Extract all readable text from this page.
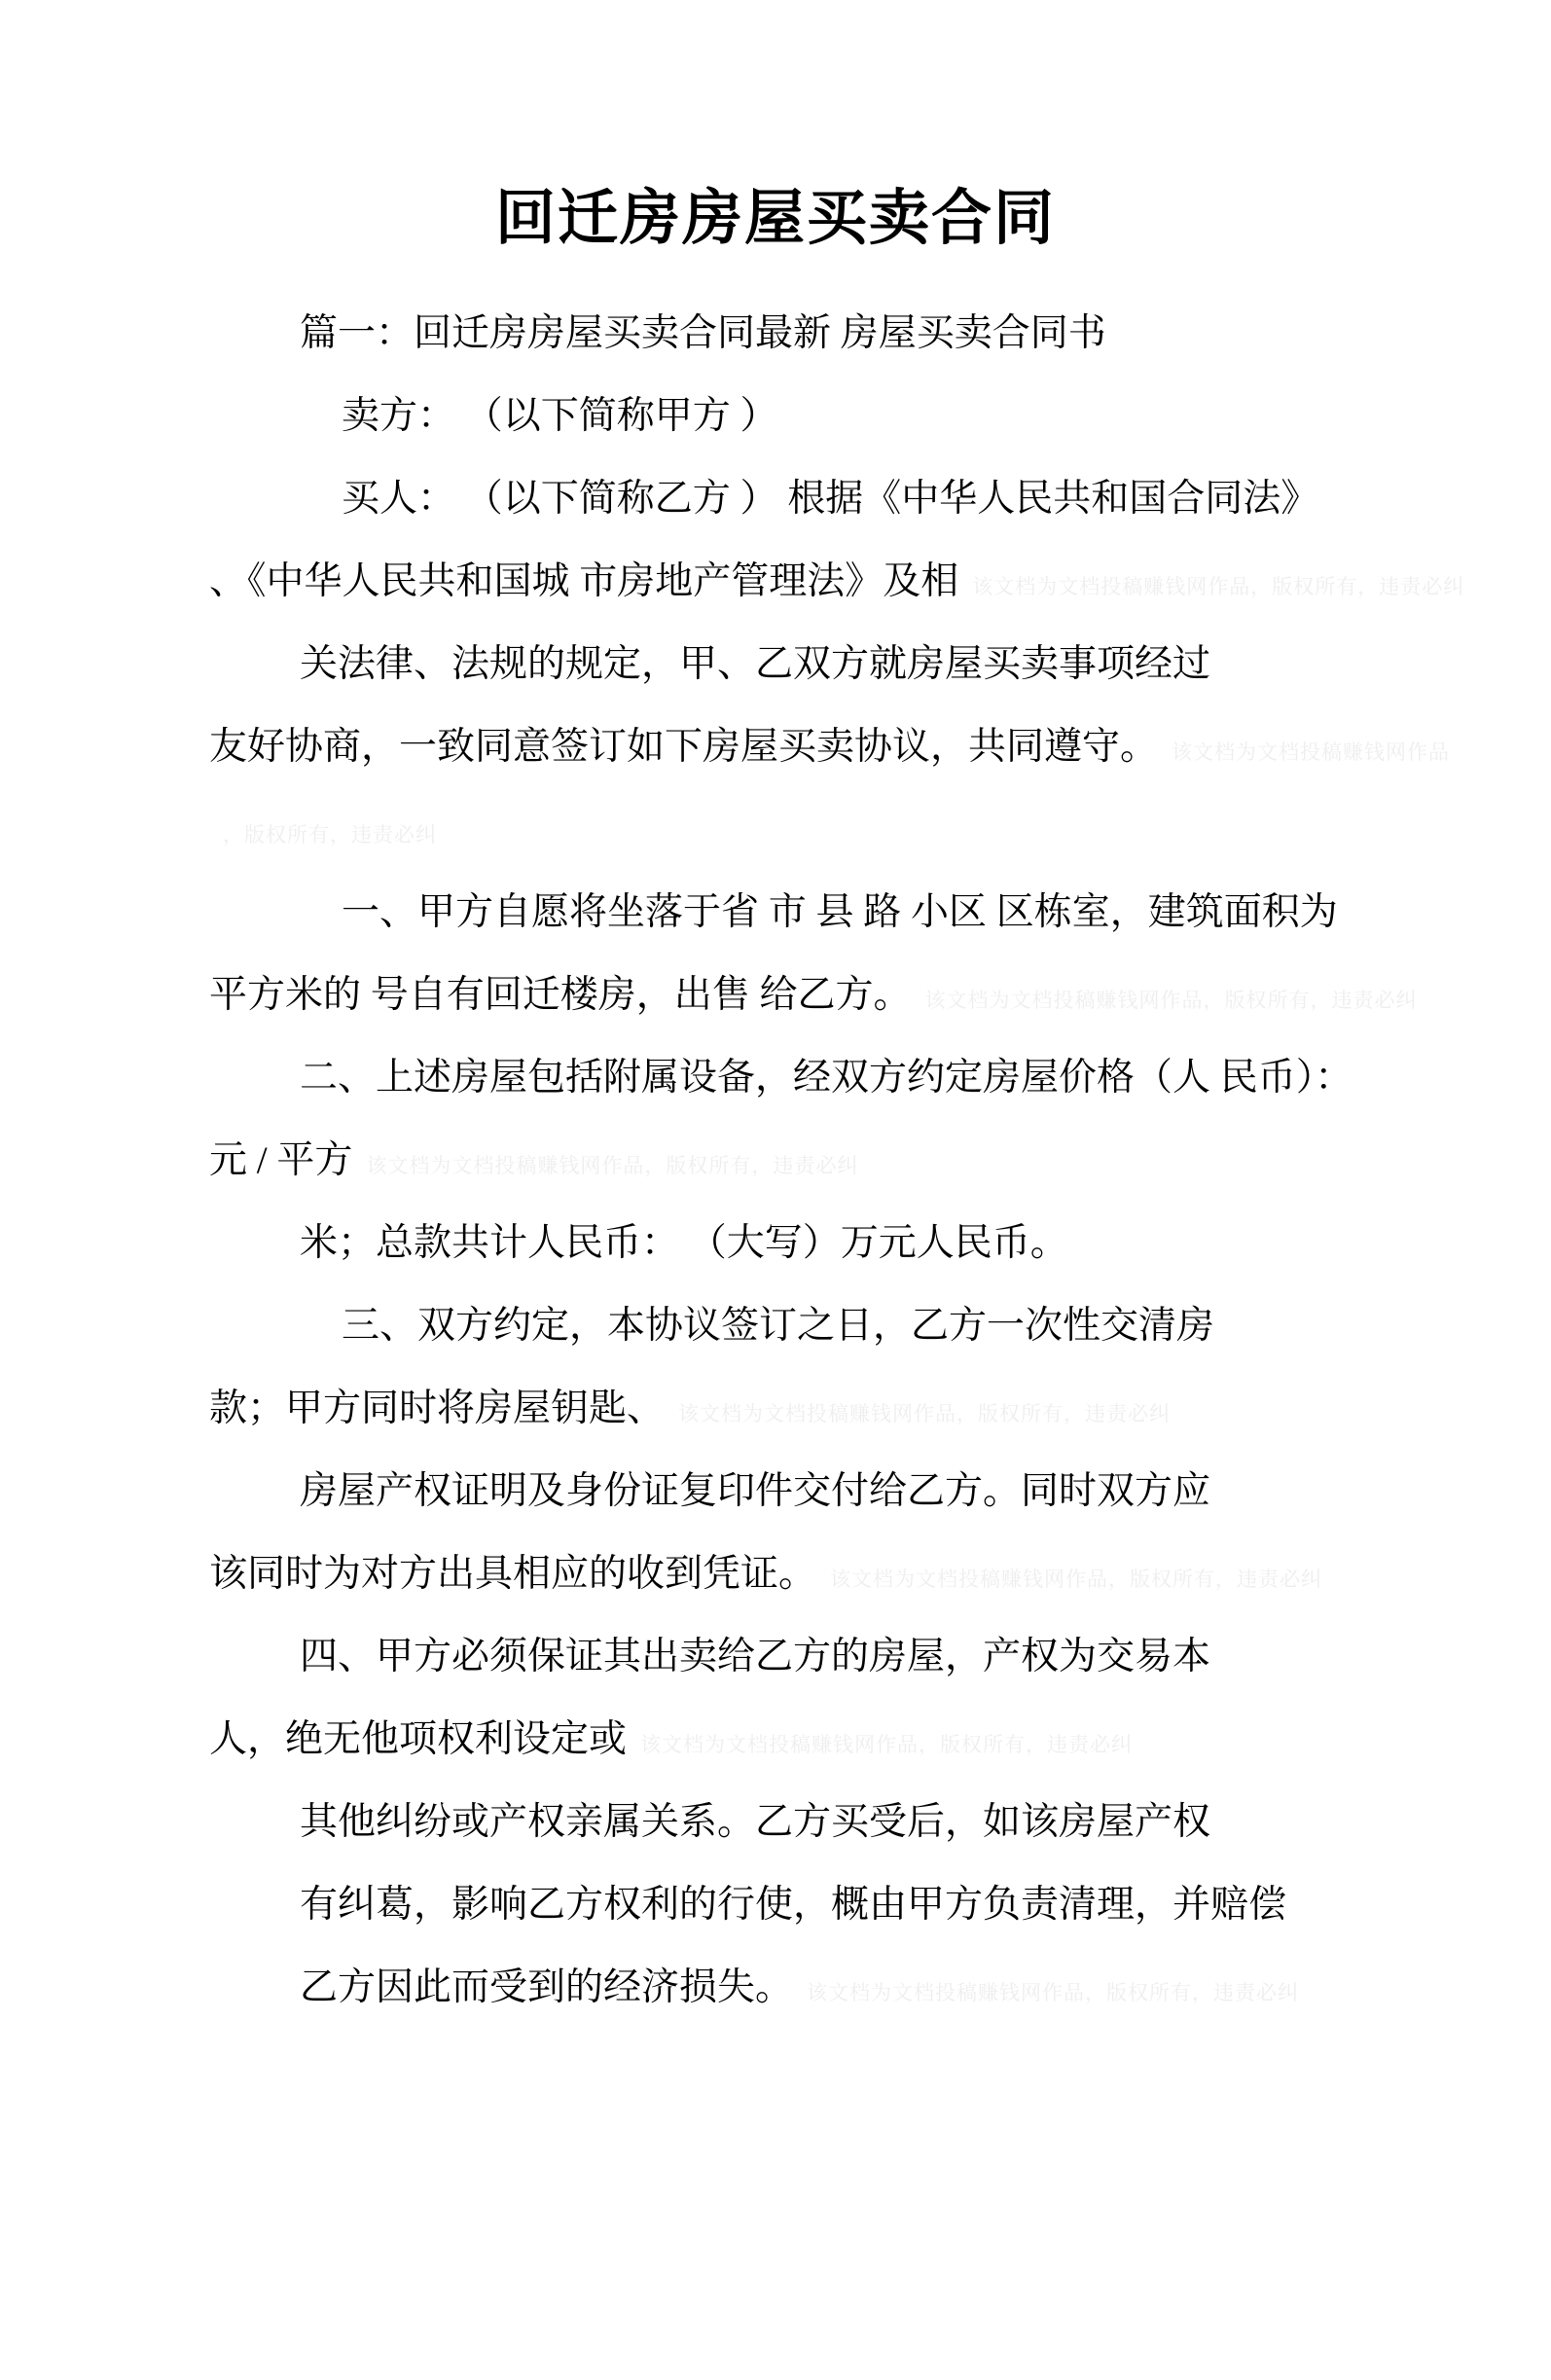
回迁房房屋买卖合同

篇一：回迁房房屋买卖合同最新 房屋买卖合同书

卖方： （以下简称甲方 ）

买人： （以下简称乙方 ） 根据《中华人民共和国合同法》

、《中华人民共和国城 市房地产管理法》及相 该文档为文档投稿赚钱网作品，版权所有，违责必纠

关法律、法规的规定，甲、乙双方就房屋买卖事项经过

友好协商，一致同意签订如下房屋买卖协议，共同遵守。 该文档为文档投稿赚钱网作品

，版权所有，违责必纠

一、甲方自愿将坐落于省 市 县 路 小区 区栋室，建筑面积为

平方米的 号自有回迁楼房，出售 给乙方。 该文档为文档投稿赚钱网作品，版权所有，违责必纠

二、上述房屋包括附属设备，经双方约定房屋价格（人 民币）：

元 / 平方 该文档为文档投稿赚钱网作品，版权所有，违责必纠

米；总款共计人民币： （大写）万元人民币。

三、双方约定，本协议签订之日，乙方一次性交清房

款；甲方同时将房屋钥匙、 该文档为文档投稿赚钱网作品，版权所有，违责必纠

房屋产权证明及身份证复印件交付给乙方。同时双方应

该同时为对方出具相应的收到凭证。 该文档为文档投稿赚钱网作品，版权所有，违责必纠

四、甲方必须保证其出卖给乙方的房屋，产权为交易本

人，绝无他项权利设定或 该文档为文档投稿赚钱网作品，版权所有，违责必纠

其他纠纷或产权亲属关系。乙方买受后，如该房屋产权

有纠葛，影响乙方权利的行使，概由甲方负责清理，并赔偿

乙方因此而受到的经济损失。 该文档为文档投稿赚钱网作品，版权所有，违责必纠
